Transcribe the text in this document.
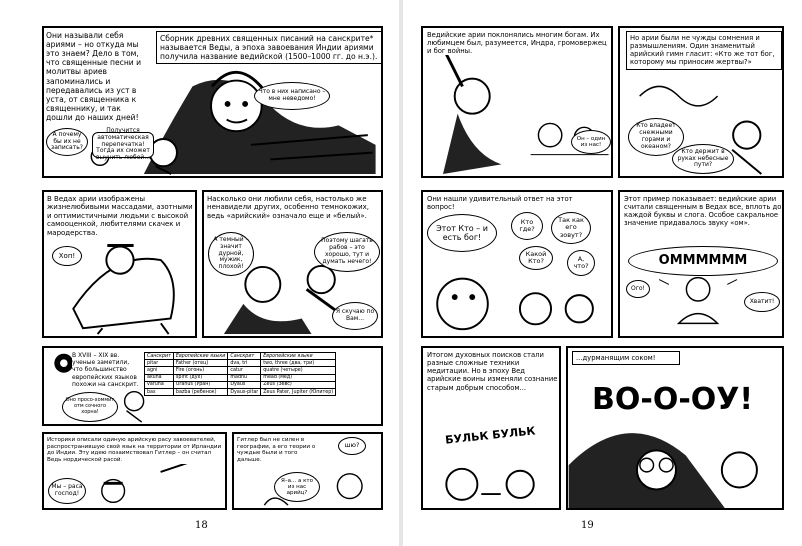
Они называли себя ариями – но откуда мы это знаем? Дело в том, что священные песни и молитвы ариев запоминались и передавались из уст в уста, от священника к священнику, и так дошли до наших дней!
Сборник древних священных писаний на санскрите* называется Веды, а эпоха завоевания Индии ариями получила название ведийской (1500–1000 гг. до н.э.).
А почему бы их не записать?
Получится автоматическая перепечатка! Тогда их сможет выучить любой...
Что в них написано – мне неведомо!
В Ведах арии изображены жизнелюбивыми массадами, азотными и оптимистичными людьми с высокой самооценкой, любителями скачек и мародерства.
Хоп!
Насколько они любили себя, настолько же ненавидели других, особенно темнокожих, ведь «арийский» означало еще и «белый».
А темный – значит дурной, мужик, плохой!
Поэтому шагать рабов – это хорошо, тут и думать нечего!
Я скучаю по Вам...
В XVIII – XIX вв. ученые заметили, что большинство европейских языков похожи на санскрит.
Оно просо-хоммит отм сочного хорна!
Санскрит	Европейские языки	Санскрит	Европейские языки
pitar	Father (отец)	dva, tri	two, three (два, три)
agni	Fire (огонь)	catur	quatre (четыре)
akuna	spirit (дух)	madhu	mead (мед)
varuna	Uranus (Уран)	Dyaus	Zeus (Зевс)
bas	bazba (ребенок)	Dyaus-pitar	Zeus Pater, Jupiter (Юпитер)
Историки описали одиную арийскую расу завоевателей, распространившую свой язык на территории от Ирландии до Индии. Эту идею позаимствовал Гитлер – он считал Ведь нордической расой.
Мы – раса господ!
Гитлер был не силен в географии, а его теории о чуждые были и того дальше.
шю?
Я–а... а кто из нас арийц?
18
Ведийские арии поклонялись многим богам. Их любимцем был, разумеется, Индра, громовержец и бог войны.
Он – один из нас!
Но арии были не чужды сомнения и размышлениям. Один знаменитый арийский гимн гласит: «Кто же тот бог, которому мы приносим жертвы?»
Кто владеет снежными горами и океаном?
Кто держит в руках небесные пути?
Они нашли удивительный ответ на этот вопрос!
Этот Кто – и есть бог!
Кто где?
Так как его зовут?
Какой Кто?	А, что?
Этот пример показывает: ведийские арии считали священным в Ведах все, вплоть до каждой буквы и слога. Особое сакральное значение придавалось звуку «ом».
ОММММММ
Ого!
Хватит!
Итогом духовных поисков стали разные сложные техники медитации. Но в эпоху Вед арийские воины изменяли сознание старым добрым способом...
БУЛЬК БУЛЬК
...дурманящим соком!
ВО-О-ОУ!
19
